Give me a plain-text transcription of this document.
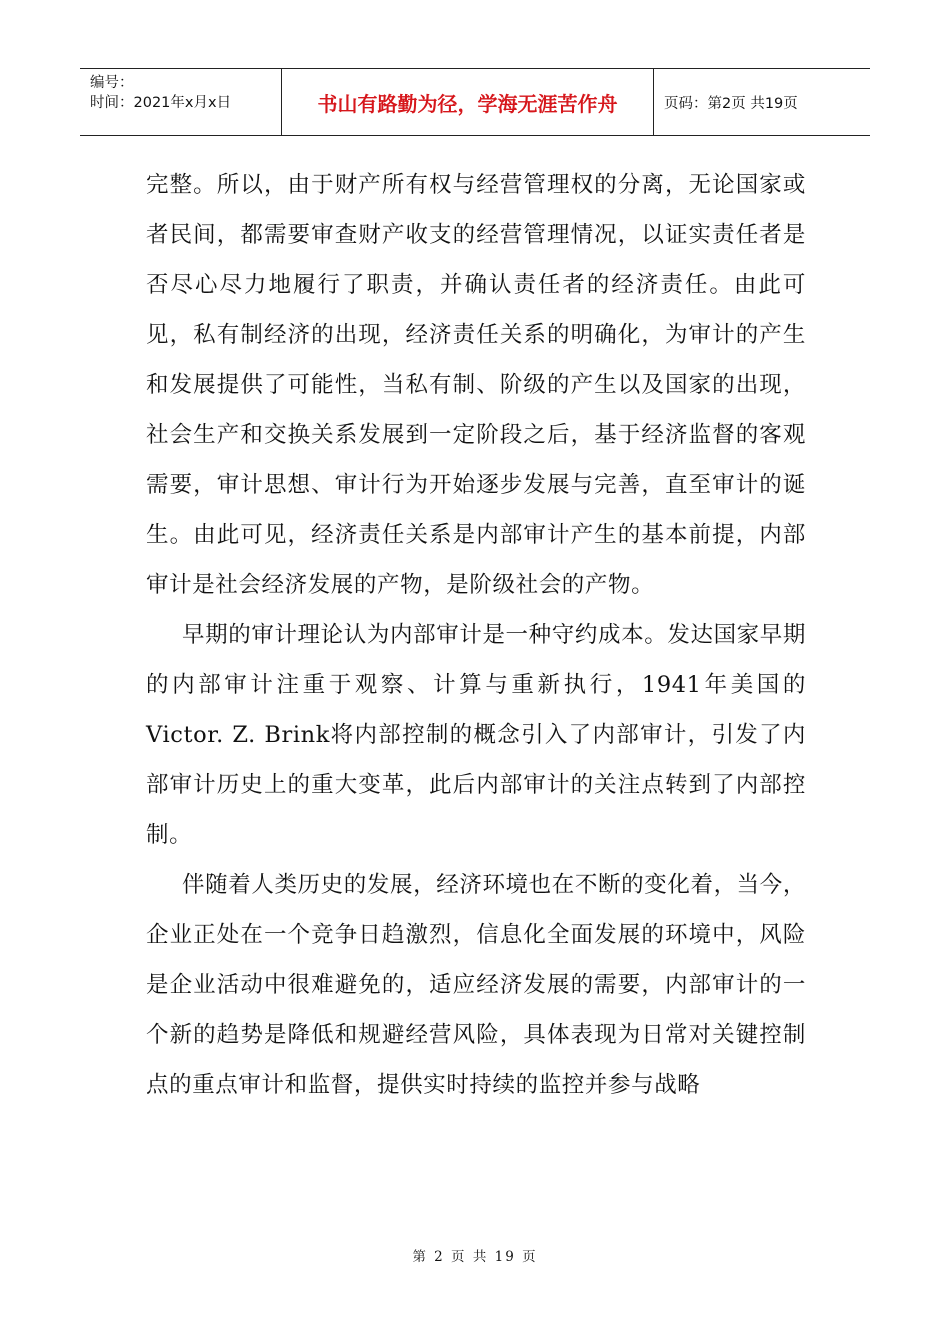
编号：
时间：2021年x月x日	书山有路勤为径，学海无涯苦作舟	页码：第2页 共19页

完整。所以，由于财产所有权与经营管理权的分离，无论国家或者民间，都需要审查财产收支的经营管理情况，以证实责任者是否尽心尽力地履行了职责，并确认责任者的经济责任。由此可见，私有制经济的出现，经济责任关系的明确化，为审计的产生和发展提供了可能性，当私有制、阶级的产生以及国家的出现，社会生产和交换关系发展到一定阶段之后，基于经济监督的客观需要，审计思想、审计行为开始逐步发展与完善，直至审计的诞生。由此可见，经济责任关系是内部审计产生的基本前提，内部审计是社会经济发展的产物，是阶级社会的产物。

早期的审计理论认为内部审计是一种守约成本。发达国家早期的内部审计注重于观察、计算与重新执行，1941年美国的Victor. Z. Brink将内部控制的概念引入了内部审计，引发了内部审计历史上的重大变革，此后内部审计的关注点转到了内部控制。

伴随着人类历史的发展，经济环境也在不断的变化着，当今，企业正处在一个竞争日趋激烈，信息化全面发展的环境中，风险是企业活动中很难避免的，适应经济发展的需要，内部审计的一个新的趋势是降低和规避经营风险，具体表现为日常对关键控制点的重点审计和监督，提供实时持续的监控并参与战略

第 2 页 共 19 页
